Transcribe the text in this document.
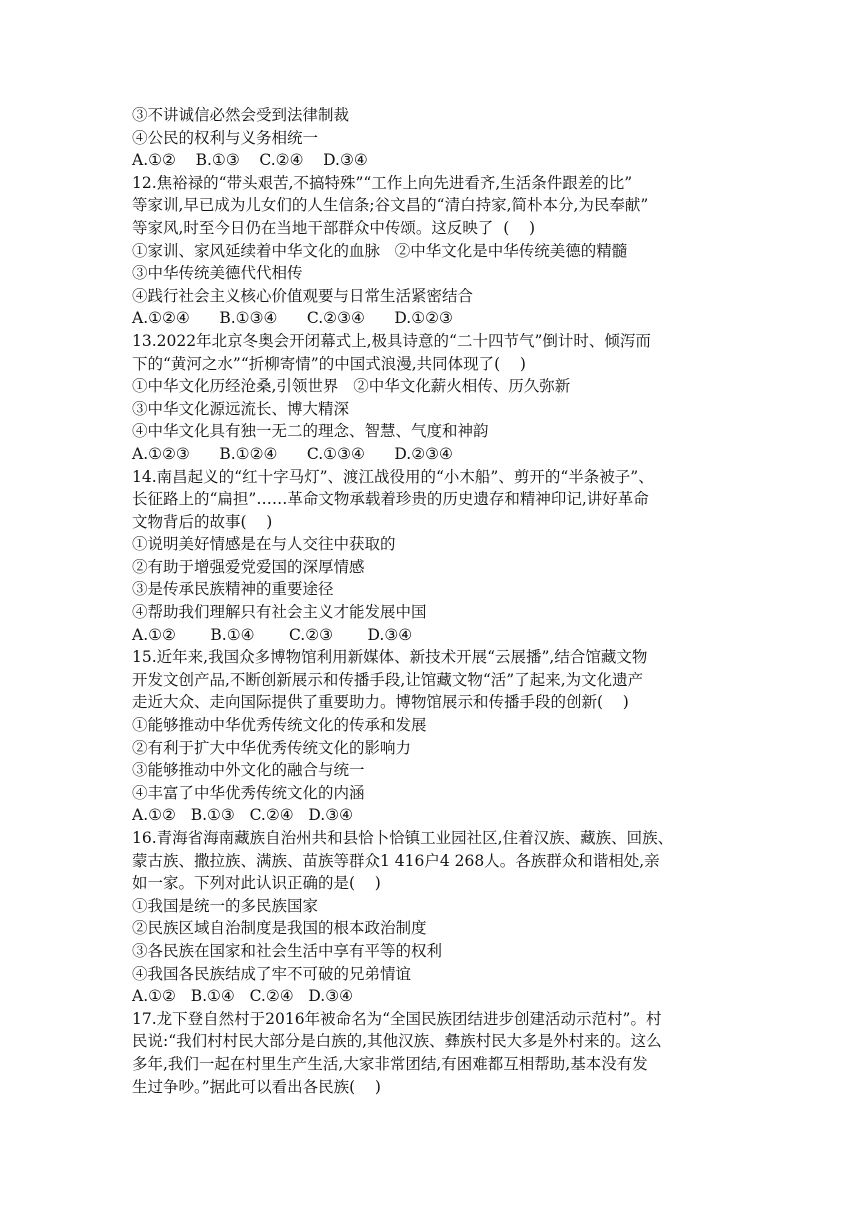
③不讲诚信必然会受到法律制裁
④公民的权利与义务相统一
A.①②    B.①③    C.②④    D.③④
12.焦裕禄的“带头艰苦,不搞特殊”“工作上向先进看齐,生活条件跟差的比”
等家训,早已成为儿女们的人生信条;谷文昌的“清白持家,简朴本分,为民奉献”
等家风,时至今日仍在当地干部群众中传颂。这反映了  (    )
①家训、家风延续着中华文化的血脉   ②中华文化是中华传统美德的精髓
③中华传统美德代代相传
④践行社会主义核心价值观要与日常生活紧密结合
A.①②④      B.①③④      C.②③④      D.①②③
13.2022年北京冬奥会开闭幕式上,极具诗意的“二十四节气”倒计时、倾泻而
下的“黄河之水”“折柳寄情”的中国式浪漫,共同体现了(    )
①中华文化历经沧桑,引领世界   ②中华文化薪火相传、历久弥新
③中华文化源远流长、博大精深
④中华文化具有独一无二的理念、智慧、气度和神韵
A.①②③      B.①②④      C.①③④      D.②③④
14.南昌起义的“红十字马灯”、渡江战役用的“小木船”、剪开的“半条被子”、
长征路上的“扁担”……革命文物承载着珍贵的历史遗存和精神印记,讲好革命
文物背后的故事(    )
①说明美好情感是在与人交往中获取的
②有助于增强爱党爱国的深厚情感
③是传承民族精神的重要途径
④帮助我们理解只有社会主义才能发展中国
A.①②       B.①④       C.②③       D.③④
15.近年来,我国众多博物馆利用新媒体、新技术开展“云展播”,结合馆藏文物
开发文创产品,不断创新展示和传播手段,让馆藏文物“活”了起来,为文化遗产
走近大众、走向国际提供了重要助力。博物馆展示和传播手段的创新(    )
①能够推动中华优秀传统文化的传承和发展
②有利于扩大中华优秀传统文化的影响力
③能够推动中外文化的融合与统一
④丰富了中华优秀传统文化的内涵
A.①②   B.①③   C.②④   D.③④
16.青海省海南藏族自治州共和县恰卜恰镇工业园社区,住着汉族、藏族、回族、
蒙古族、撒拉族、满族、苗族等群众1 416户4 268人。各族群众和谐相处,亲
如一家。下列对此认识正确的是(    )
①我国是统一的多民族国家
②民族区域自治制度是我国的根本政治制度
③各民族在国家和社会生活中享有平等的权利
④我国各民族结成了牢不可破的兄弟情谊
A.①②   B.①④   C.②④   D.③④
17.龙下登自然村于2016年被命名为“全国民族团结进步创建活动示范村”。村
民说:“我们村村民大部分是白族的,其他汉族、彝族村民大多是外村来的。这么
多年,我们一起在村里生产生活,大家非常团结,有困难都互相帮助,基本没有发
生过争吵。”据此可以看出各民族(    )
